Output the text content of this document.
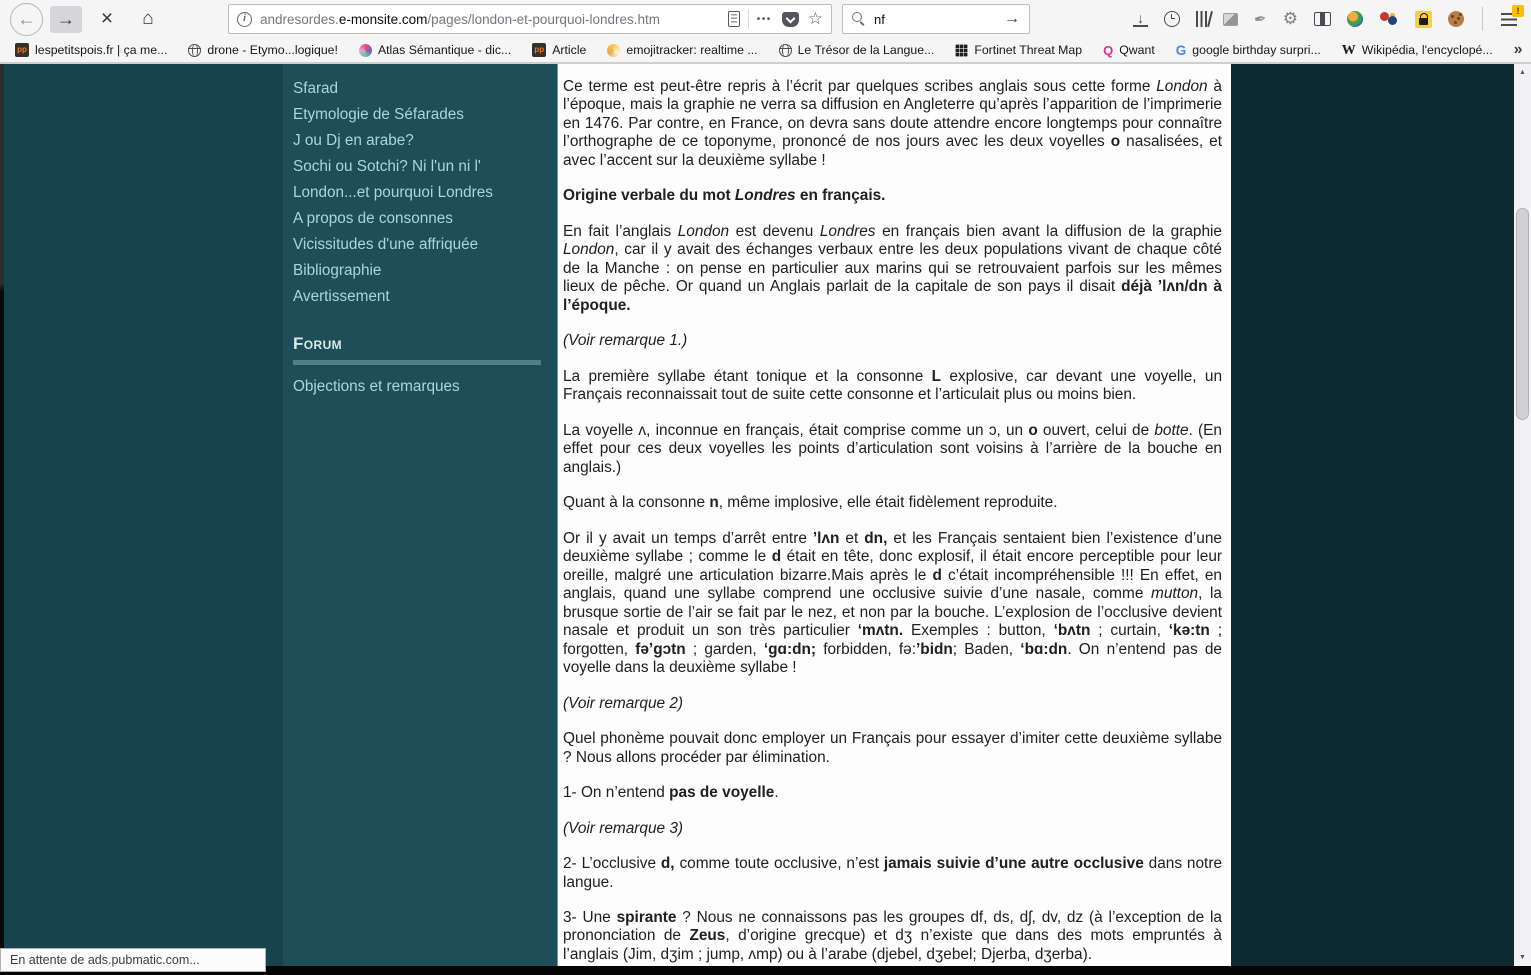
←	→	×	⌂	i	andresordes.e-monsite.com/pages/london-et-pourquoi-londres.htm	••• ☆	nf	→	↓	✒ ⚙	!
pp
lespetitspois.fr | ça me...	drone - Etymo...logique!	Atlas Sémantique - dic... pp	Article	emojitracker: realtime ...	Le Trésor de la Langue...	Fortinet Threat Map Q	Qwant G	google birthday surpri... W	Wikipédia, l'encyclopé... »
Sfarad
Etymologie de Séfarades
J ou Dj en arabe?
Sochi ou Sotchi? Ni l'un ni l'
London...et pourquoi Londres
A propos de consonnes
Vicissitudes d'une affriquée
Bibliographie
Avertissement
Forum
Objections et remarques

Ce terme est peut-être repris à l’écrit par quelques scribes anglais sous cette forme London à l’époque, mais la graphie ne verra sa diffusion en Angleterre qu’après l’apparition de l’imprimerie en 1476. Par contre, en France, on devra sans doute attendre encore longtemps pour connaître l’orthographe de ce toponyme, prononcé de nos jours avec les deux voyelles o nasalisées, et avec l’accent sur la deuxième syllabe !

Origine verbale du mot Londres en français.

En fait l’anglais London est devenu Londres en français bien avant la diffusion de la graphie London, car il y avait des échanges verbaux entre les deux populations vivant de chaque côté de la Manche : on pense en particulier aux marins qui se retrouvaient parfois sur les mêmes lieux de pêche. Or quand un Anglais parlait de la capitale de son pays il disait déjà ’lʌn/dn à l’époque.

(Voir remarque 1.)

La première syllabe étant tonique et la consonne L explosive, car devant une voyelle, un Français reconnaissait tout de suite cette consonne et l’articulait plus ou moins bien.

La voyelle ʌ, inconnue en français, était comprise comme un ɔ, un o ouvert, celui de botte. (En effet pour ces deux voyelles les points d’articulation sont voisins à l’arrière de la bouche en anglais.)

Quant à la consonne n, même implosive, elle était fidèlement reproduite.

Or il y avait un temps d’arrêt entre ’lʌn et dn, et les Français sentaient bien l’existence d’une deuxième syllabe ; comme le d était en tête, donc explosif, il était encore perceptible pour leur oreille, malgré une articulation bizarre.Mais après le d c’était incompréhensible !!! En effet, en anglais, quand une syllabe comprend une occlusive suivie d’une nasale, comme mutton, la brusque sortie de l’air se fait par le nez, et non par la bouche. L’explosion de l’occlusive devient nasale et produit un son très particulier ‘mʌtn. Exemples : button, ‘bʌtn ; curtain, ‘kə:tn ; forgotten, fə’gɔtn ; garden, ‘gɑ:dn; forbidden, fə:’bidn; Baden, ‘bɑ:dn. On n’entend pas de voyelle dans la deuxième syllabe !

(Voir remarque 2)

Quel phonème pouvait donc employer un Français pour essayer d’imiter cette deuxième syllabe ? Nous allons procéder par élimination.

1- On n’entend pas de voyelle.

(Voir remarque 3)

2- L’occlusive d, comme toute occlusive, n’est jamais suivie d’une autre occlusive dans notre langue.

3- Une spirante ? Nous ne connaissons pas les groupes df, ds, dʃ, dv, dz (à l’exception de la prononciation de Zeus, d’origine grecque) et dʒ n’existe que dans des mots empruntés à l’anglais (Jim, dʒim ; jump, ʌmp) ou à l’arabe (djebel, dʒebel; Djerba, dʒerba).

▲
▼
En attente de ads.pubmatic.com...
